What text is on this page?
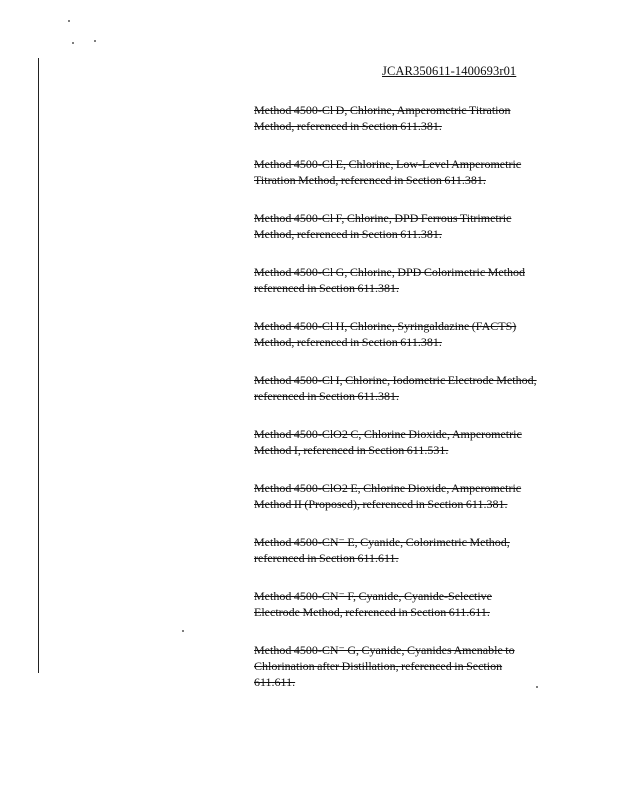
JCAR350611-1400693r01

Method 4500-Cl D, Chlorine, Amperometric Titration Method, referenced in Section 611.381.

Method 4500-Cl E, Chlorine, Low-Level Amperometric Titration Method, referenced in Section 611.381.

Method 4500-Cl F, Chlorine, DPD Ferrous Titrimetric Method, referenced in Section 611.381.

Method 4500-Cl G, Chlorine, DPD Colorimetric Method referenced in Section 611.381.

Method 4500-Cl H, Chlorine, Syringaldazine (FACTS) Method, referenced in Section 611.381.

Method 4500-Cl I, Chlorine, Iodometric Electrode Method, referenced in Section 611.381.

Method 4500-ClO2 C, Chlorine Dioxide, Amperometric Method I, referenced in Section 611.531.

Method 4500-ClO2 E, Chlorine Dioxide, Amperometric Method II (Proposed), referenced in Section 611.381.

Method 4500-CN⁻ E, Cyanide, Colorimetric Method, referenced in Section 611.611.

Method 4500-CN⁻ F, Cyanide, Cyanide-Selective Electrode Method, referenced in Section 611.611.

Method 4500-CN⁻ G, Cyanide, Cyanides Amenable to Chlorination after Distillation, referenced in Section 611.611.
